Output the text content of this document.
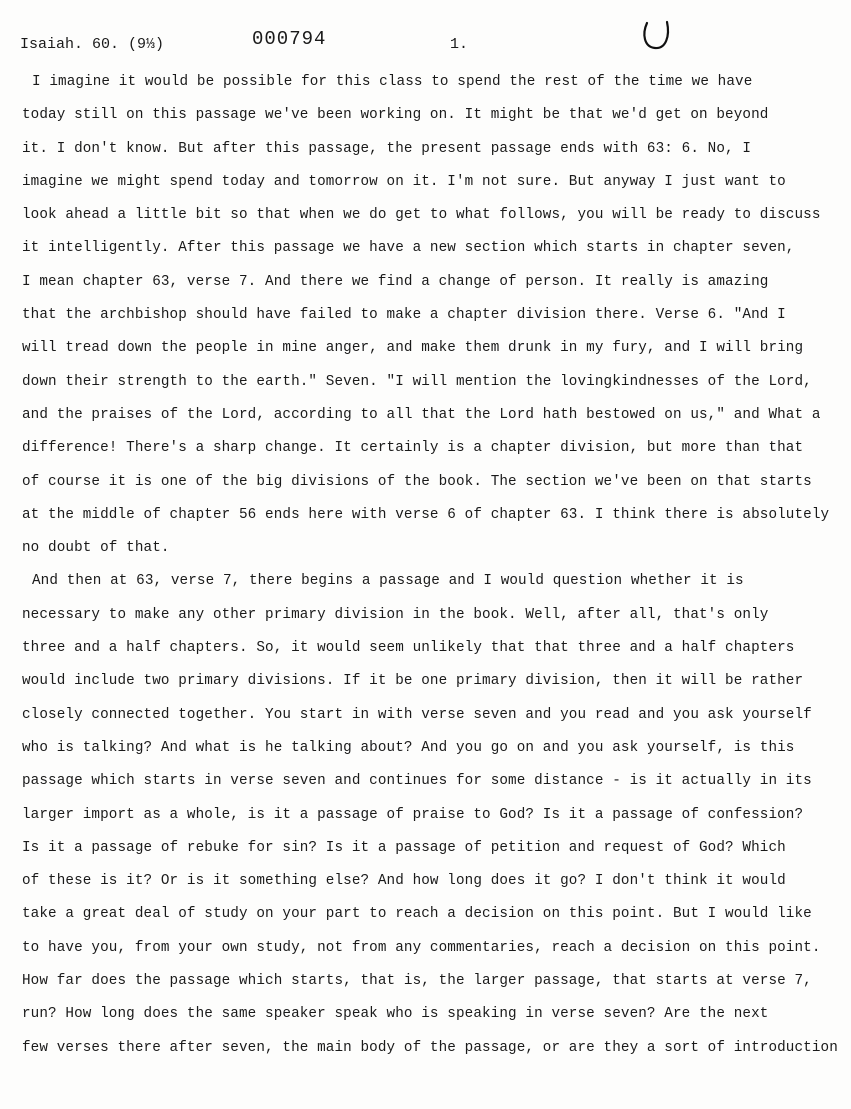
Isaiah. 60. (9⅓)	000794	1.
I imagine it would be possible for this class to spend the rest of the time we have
today still on this passage we've been working on. It might be that we'd get on beyond
it. I don't know. But after this passage, the present passage ends with 63: 6. No, I
imagine we might spend today and tomorrow on it. I'm not sure. But anyway I just want to
look ahead a little bit so that when we do get to what follows, you will be ready to discuss
it intelligently. After this passage we have a new section which starts in chapter seven,
I mean chapter 63, verse 7. And there we find a change of person. It really is amazing
that the archbishop should have failed to make a chapter division there. Verse 6. "And I
will tread down the people in mine anger, and make them drunk in my fury, and I will bring
down their strength to the earth." Seven. "I will mention the lovingkindnesses of the Lord,
and the praises of the Lord, according to all that the Lord hath bestowed on us," and What a
difference! There's a sharp change. It certainly is a chapter division, but more than that
of course it is one of the big divisions of the book. The section we've been on that starts
at the middle of chapter 56 ends here with verse 6 of chapter 63. I think there is absolutely
no doubt of that.
And then at 63, verse 7, there begins a passage and I would question whether it is
necessary to make any other primary division in the book. Well, after all, that's only
three and a half chapters. So, it would seem unlikely that that three and a half chapters
would include two primary divisions. If it be one primary division, then it will be rather
closely connected together. You start in with verse seven and you read and you ask yourself
who is talking? And what is he talking about? And you go on and you ask yourself, is this
passage which starts in verse seven and continues for some distance - is it actually in its
larger import as a whole, is it a passage of praise to God? Is it a passage of confession?
Is it a passage of rebuke for sin? Is it a passage of petition and request of God? Which
of these is it? Or is it something else? And how long does it go? I don't think it would
take a great deal of study on your part to reach a decision on this point. But I would like
to have you, from your own study, not from any commentaries, reach a decision on this point.
How far does the passage which starts, that is, the larger passage, that starts at verse 7,
run? How long does the same speaker speak who is speaking in verse seven? Are the next
few verses there after seven, the main body of the passage, or are they a sort of introduction
